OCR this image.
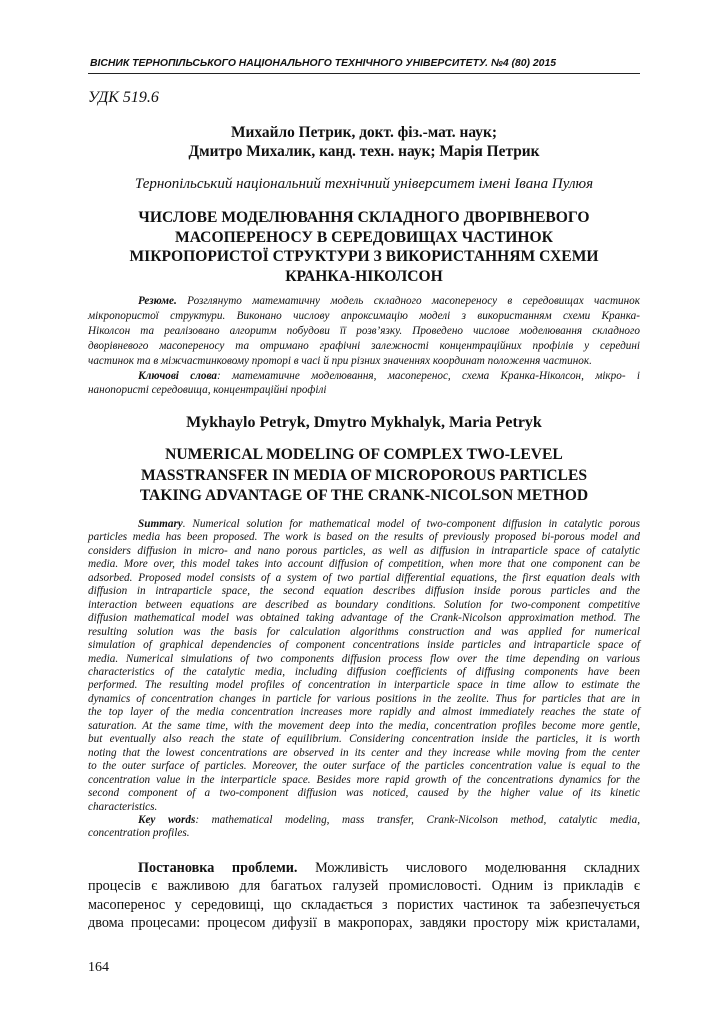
ВІСНИК ТЕРНОПІЛЬСЬКОГО НАЦІОНАЛЬНОГО ТЕХНІЧНОГО УНІВЕРСИТЕТУ. №4 (80) 2015
УДК 519.6
Михайло Петрик, докт. фіз.-мат. наук;
Дмитро Михалик, канд. техн. наук; Марія Петрик
Тернопільський національний технічний університет імені Івана Пулюя
ЧИСЛОВЕ МОДЕЛЮВАННЯ СКЛАДНОГО ДВОРІВНЕВОГО
МАСОПЕРЕНОСУ В СЕРЕДОВИЩАХ ЧАСТИНОК
МІКРОПОРИСТОЇ СТРУКТУРИ З ВИКОРИСТАННЯМ СХЕМИ
КРАНКА-НІКОЛСОН
Резюме. Розглянуто математичну модель складного масопереносу в середовищах частинок
мікропористої структури. Виконано числову апроксимацію моделі з використанням схеми Кранка-
Ніколсон та реалізовано алгоритм побудови її розв’язку. Проведено числове моделювання складного
дворівневого масопереносу та отримано графічні залежності концентраційних профілів у середині
частинок та в міжчастинковому проторі в часі й при різних значеннях координат положення частинок.
Ключові слова: математичне моделювання, масоперенос, схема Кранка-Ніколсон, мікро- і
нанопористі середовища, концентраційні профілі
Mykhaylo Petryk, Dmytro Mykhalyk, Maria Petryk
NUMERICAL MODELING OF COMPLEX TWO-LEVEL
MASSTRANSFER IN MEDIA OF MICROPOROUS PARTICLES
TAKING ADVANTAGE OF THE CRANK-NICOLSON METHOD
Summary. Numerical solution for mathematical model of two-component diffusion in catalytic porous
particles media has been proposed. The work is based on the results of previously proposed bi-porous model and
considers diffusion in micro- and nano porous particles, as well as diffusion in intraparticle space of catalytic
media. More over, this model takes into account diffusion of competition, when more that one component can be
adsorbed. Proposed model consists of a system of two partial differential equations, the first equation deals with
diffusion in intraparticle space, the second equation describes diffusion inside porous particles and the
interaction between equations are described as boundary conditions. Solution for two-component competitive
diffusion mathematical model was obtained taking advantage of the Crank-Nicolson approximation method. The
resulting solution was the basis for calculation algorithms construction and was applied for numerical
simulation of graphical dependencies of component concentrations inside particles and intraparticle space of
media. Numerical simulations of two components diffusion process flow over the time depending on various
characteristics of the catalytic media, including diffusion coefficients of diffusing components have been
performed. The resulting model profiles of concentration in interparticle space in time allow to estimate the
dynamics of concentration changes in particle for various positions in the zeolite. Thus for particles that are in
the top layer of the media concentration increases more rapidly and almost immediately reaches the state of
saturation. At the same time, with the movement deep into the media, concentration profiles become more gentle,
but eventually also reach the state of equilibrium. Considering concentration inside the particles, it is worth
noting that the lowest concentrations are observed in its center and they increase while moving from the center
to the outer surface of particles. Moreover, the outer surface of the particles concentration value is equal to the
concentration value in the interparticle space. Besides more rapid growth of the concentrations dynamics for the
second component of a two-component diffusion was noticed, caused by the higher value of its kinetic
characteristics.
Key words: mathematical modeling, mass transfer, Crank-Nicolson method, catalytic media,
concentration profiles.
Постановка проблеми. Можливість числового моделювання складних
процесів є важливою для багатьох галузей промисловості. Одним із прикладів є
масоперенос у середовищі, що складається з пористих частинок та забезпечується
двома процесами: процесом дифузії в макропорах, завдяки простору між кристалами,
164
